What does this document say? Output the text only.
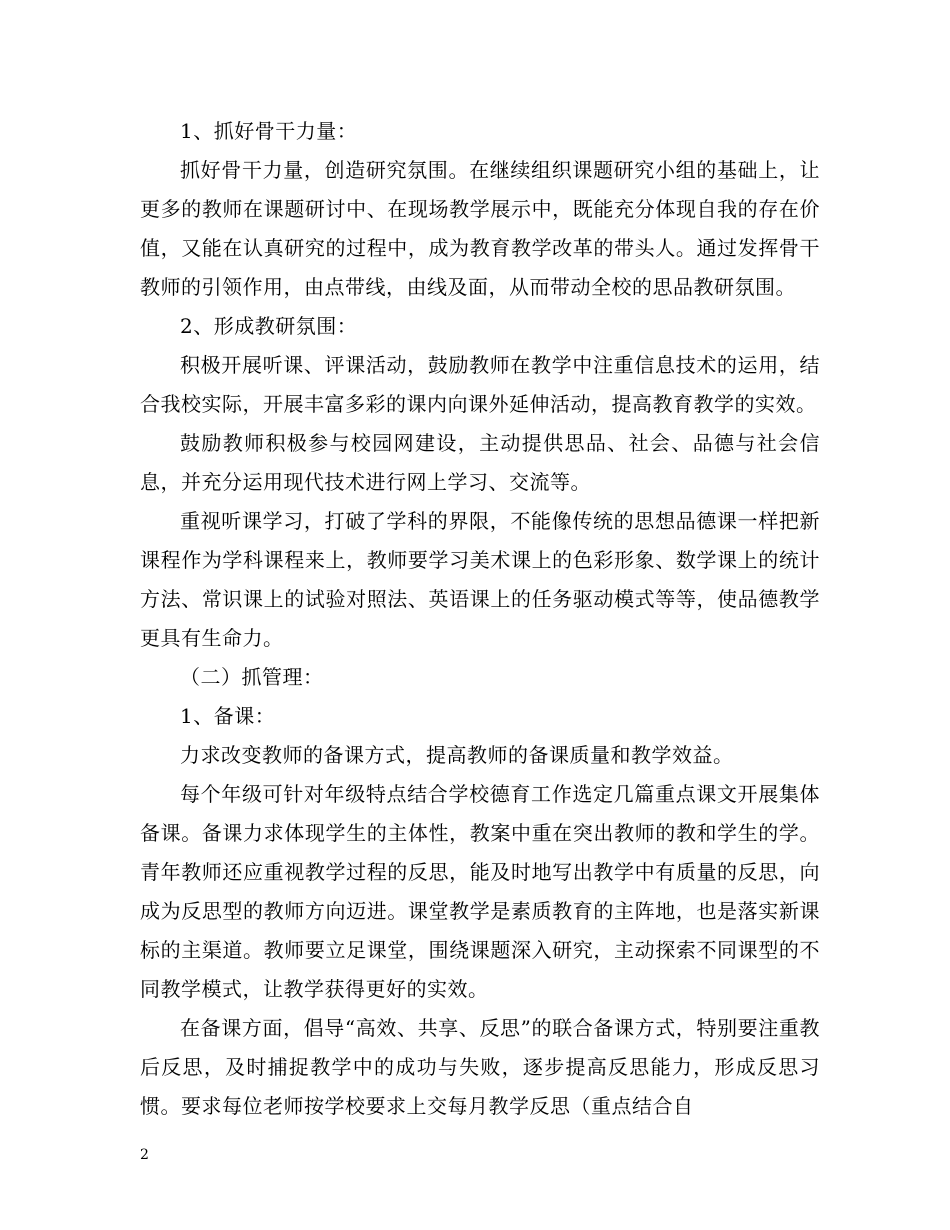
1、抓好骨干力量：

抓好骨干力量，创造研究氛围。在继续组织课题研究小组的基础上，让更多的教师在课题研讨中、在现场教学展示中，既能充分体现自我的存在价值，又能在认真研究的过程中，成为教育教学改革的带头人。通过发挥骨干教师的引领作用，由点带线，由线及面，从而带动全校的思品教研氛围。

2、形成教研氛围：

积极开展听课、评课活动，鼓励教师在教学中注重信息技术的运用，结合我校实际，开展丰富多彩的课内向课外延伸活动，提高教育教学的实效。

鼓励教师积极参与校园网建设，主动提供思品、社会、品德与社会信息，并充分运用现代技术进行网上学习、交流等。

重视听课学习，打破了学科的界限，不能像传统的思想品德课一样把新课程作为学科课程来上，教师要学习美术课上的色彩形象、数学课上的统计方法、常识课上的试验对照法、英语课上的任务驱动模式等等，使品德教学更具有生命力。

（二）抓管理：

1、备课：

力求改变教师的备课方式，提高教师的备课质量和教学效益。

每个年级可针对年级特点结合学校德育工作选定几篇重点课文开展集体备课。备课力求体现学生的主体性，教案中重在突出教师的教和学生的学。青年教师还应重视教学过程的反思，能及时地写出教学中有质量的反思，向成为反思型的教师方向迈进。课堂教学是素质教育的主阵地，也是落实新课标的主渠道。教师要立足课堂，围绕课题深入研究，主动探索不同课型的不同教学模式，让教学获得更好的实效。

在备课方面，倡导“高效、共享、反思”的联合备课方式，特别要注重教后反思，及时捕捉教学中的成功与失败，逐步提高反思能力，形成反思习惯。要求每位老师按学校要求上交每月教学反思（重点结合自

2
